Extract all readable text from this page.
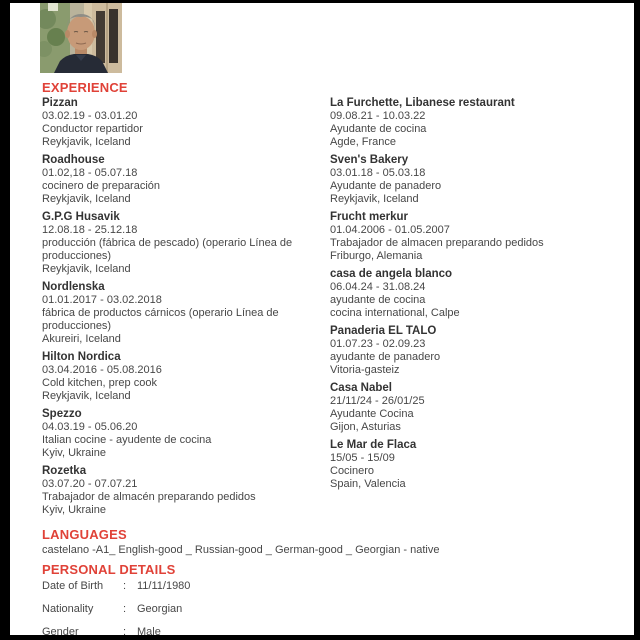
EXPERIENCE
Pizzan
03.02.19 - 03.01.20
Conductor repartidor
Reykjavik, Iceland
Roadhouse
01.02,18 - 05.07.18
cocinero de preparación
Reykjavik, Iceland
G.P.G Husavik
12.08.18 - 25.12.18
producción (fábrica de pescado) (operario Línea de producciones)
Reykjavik, Iceland
Nordlenska
01.01.2017 - 03.02.2018
fábrica de productos cárnicos (operario Línea de producciones)
Akureiri, Iceland
Hilton Nordica
03.04.2016 - 05.08.2016
Cold kitchen, prep cook
Reykjavik, Iceland
Spezzo
04.03.19 - 05.06.20
Italian cocine - ayudente de cocina
Kyiv, Ukraine
Rozetka
03.07.20 - 07.07.21
Trabajador de almacén preparando pedidos
Kyiv, Ukraine
La Furchette, Libanese restaurant
09.08.21 - 10.03.22
Ayudante de cocina
Agde, France
Sven's Bakery
03.01.18 - 05.03.18
Ayudante de panadero
Reykjavik, Iceland
Frucht merkur
01.04.2006 - 01.05.2007
Trabajador de almacen preparando pedidos
Friburgo, Alemania
casa de angela blanco
06.04.24 - 31.08.24
ayudante de cocina
cocina international, Calpe
Panaderia EL TALO
01.07.23 - 02.09.23
ayudante de panadero
Vitoria-gasteiz
Casa Nabel
21/11/24 - 26/01/25
Ayudante Cocina
Gijon, Asturias
Le Mar de Flaca
15/05 - 15/09
Cocinero
Spain, Valencia
LANGUAGES
castelano -A1_ English-good _ Russian-good _ German-good _ Georgian - native
PERSONAL DETAILS
Date of Birth	: 11/11/1980
Nationality	: Georgian
Gender	: Male
